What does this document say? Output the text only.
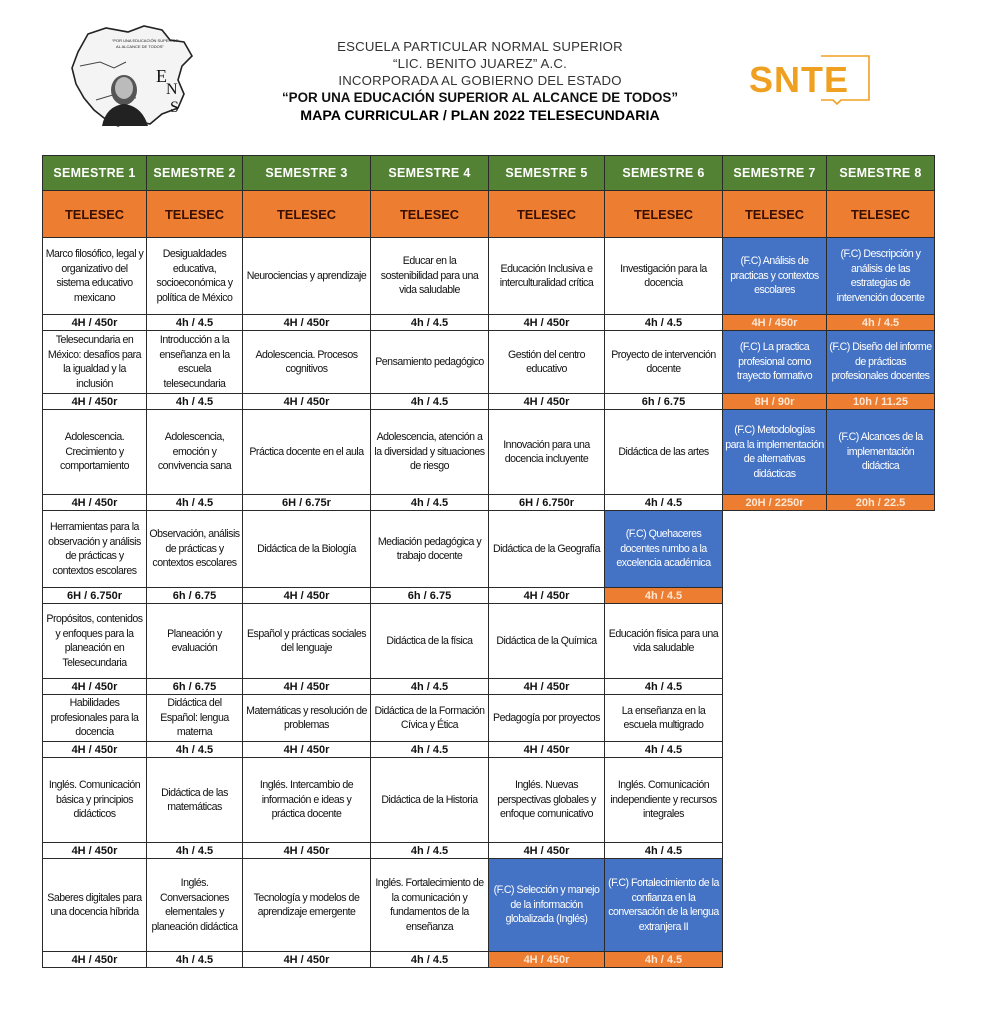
E
N
S
“POR UNA EDUCACIÓN SUPERIOR
AL ALCANCE DE TODOS”	ESCUELA PARTICULAR NORMAL SUPERIOR
“LIC. BENITO JUAREZ” A.C.
INCORPORADA AL GOBIERNO DEL ESTADO
“POR UNA EDUCACIÓN SUPERIOR AL ALCANCE DE TODOS”
MAPA CURRICULAR / PLAN 2022 TELESECUNDARIA
SNTE
SEMESTRE 1	SEMESTRE 2	SEMESTRE 3	SEMESTRE 4	SEMESTRE 5	SEMESTRE 6	SEMESTRE 7	SEMESTRE 8
TELESEC	TELESEC	TELESEC	TELESEC	TELESEC	TELESEC	TELESEC	TELESEC
Marco filosófico, legal y organizativo del sistema educativo mexicano	Desigualdades educativa, socioeconómica y política de México	Neurociencias y aprendizaje	Educar en la sostenibilidad para una vida saludable	Educación Inclusiva e interculturalidad crítica	Investigación para la docencia	(F.C) Análisis de practicas y contextos escolares	(F.C) Descripción y análisis de las estrategias de intervención docente
4H / 450r	4h / 4.5	4H / 450r	4h / 4.5	4H / 450r	4h / 4.5	4H / 450r	4h / 4.5
Telesecundaria en México: desafíos para la igualdad y la inclusión	Introducción a la enseñanza en la escuela telesecundaria	Adolescencia. Procesos cognitivos	Pensamiento pedagógico	Gestión del centro educativo	Proyecto de intervención docente	(F.C) La practica profesional como trayecto formativo	(F.C) Diseño del informe de prácticas profesionales docentes
4H / 450r	4h / 4.5	4H / 450r	4h / 4.5	4H / 450r	6h / 6.75	8H / 90r	10h / 11.25
Adolescencia. Crecimiento y comportamiento	Adolescencia, emoción y convivencia sana	Práctica docente en el aula	Adolescencia, atención a la diversidad y situaciones de riesgo	Innovación para una docencia incluyente	Didáctica de las artes	(F.C) Metodologías para la implementación de alternativas didácticas	(F.C) Alcances de la implementación didáctica
4H / 450r	4h / 4.5	6H / 6.75r	4h / 4.5	6H / 6.750r	4h / 4.5	20H / 2250r	20h / 22.5
Herramientas para la observación y análisis de prácticas y contextos escolares	Observación, análisis de prácticas y contextos escolares	Didáctica de la Biología	Mediación pedagógica y trabajo docente	Didáctica de la Geografía	(F.C) Quehaceres docentes rumbo a la excelencia académica		
6H / 6.750r	6h / 6.75	4H / 450r	6h / 6.75	4H / 450r	4h / 4.5		
Propósitos, contenidos y enfoques para la planeación en Telesecundaria	Planeación y evaluación	Español y prácticas sociales del lenguaje	Didáctica de la física	Didáctica de la Química	Educación física para una vida saludable		
4H / 450r	6h / 6.75	4H / 450r	4h / 4.5	4H / 450r	4h / 4.5		
Habilidades profesionales para la docencia	Didáctica del Español: lengua materna	Matemáticas y resolución de problemas	Didáctica de la Formación Cívica y Ética	Pedagogía por proyectos	La enseñanza en la escuela multigrado		
4H / 450r	4h / 4.5	4H / 450r	4h / 4.5	4H / 450r	4h / 4.5		
Inglés. Comunicación básica y principios didácticos	Didáctica de las matemáticas	Inglés. Intercambio de información e ideas y práctica docente	Didáctica de la Historia	Inglés. Nuevas perspectivas globales y enfoque comunicativo	Inglés. Comunicación independiente y recursos integrales		
4H / 450r	4h / 4.5	4H / 450r	4h / 4.5	4H / 450r	4h / 4.5		
Saberes digitales para una docencia híbrida	Inglés. Conversaciones elementales y planeación didáctica	Tecnología y modelos de aprendizaje emergente	Inglés. Fortalecimiento de la comunicación y fundamentos de la enseñanza	(F.C) Selección y manejo de la información globalizada (Inglés)	(F.C) Fortalecimiento de la confianza en la conversación de la lengua extranjera II		
4H / 450r	4h / 4.5	4H / 450r	4h / 4.5	4H / 450r	4h / 4.5		
